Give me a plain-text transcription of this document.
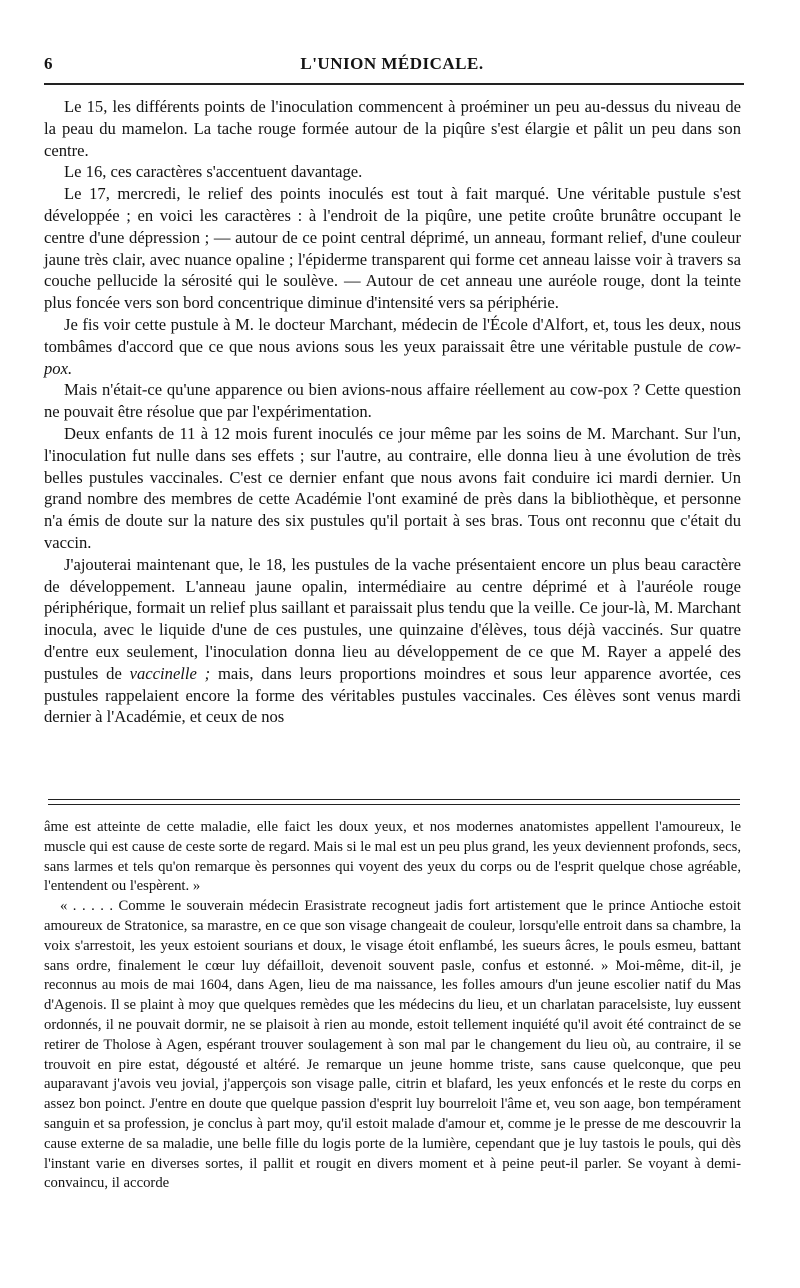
6	L'UNION MÉDICALE.

Le 15, les différents points de l'inoculation commencent à proéminer un peu au-dessus du niveau de la peau du mamelon. La tache rouge formée autour de la piqûre s'est élargie et pâlit un peu dans son centre.

Le 16, ces caractères s'accentuent davantage.

Le 17, mercredi, le relief des points inoculés est tout à fait marqué. Une véritable pustule s'est développée ; en voici les caractères : à l'endroit de la piqûre, une petite croûte brunâtre occupant le centre d'une dépression ; — autour de ce point central déprimé, un anneau, formant relief, d'une couleur jaune très clair, avec nuance opaline ; l'épiderme transparent qui forme cet anneau laisse voir à travers sa couche pellucide la sérosité qui le soulève. — Autour de cet anneau une auréole rouge, dont la teinte plus foncée vers son bord concentrique diminue d'intensité vers sa périphérie.

Je fis voir cette pustule à M. le docteur Marchant, médecin de l'École d'Alfort, et, tous les deux, nous tombâmes d'accord que ce que nous avions sous les yeux paraissait être une véritable pustule de cow-pox.

Mais n'était-ce qu'une apparence ou bien avions-nous affaire réellement au cow-pox ? Cette question ne pouvait être résolue que par l'expérimentation.

Deux enfants de 11 à 12 mois furent inoculés ce jour même par les soins de M. Marchant. Sur l'un, l'inoculation fut nulle dans ses effets ; sur l'autre, au contraire, elle donna lieu à une évolution de très belles pustules vaccinales. C'est ce dernier enfant que nous avons fait conduire ici mardi dernier. Un grand nombre des membres de cette Académie l'ont examiné de près dans la bibliothèque, et personne n'a émis de doute sur la nature des six pustules qu'il portait à ses bras. Tous ont reconnu que c'était du vaccin.

J'ajouterai maintenant que, le 18, les pustules de la vache présentaient encore un plus beau caractère de développement. L'anneau jaune opalin, intermédiaire au centre déprimé et à l'auréole rouge périphérique, formait un relief plus saillant et paraissait plus tendu que la veille. Ce jour-là, M. Marchant inocula, avec le liquide d'une de ces pustules, une quinzaine d'élèves, tous déjà vaccinés. Sur quatre d'entre eux seulement, l'inoculation donna lieu au développement de ce que M. Rayer a appelé des pustules de vaccinelle ; mais, dans leurs proportions moindres et sous leur apparence avortée, ces pustules rappelaient encore la forme des véritables pustules vaccinales. Ces élèves sont venus mardi dernier à l'Académie, et ceux de nos

âme est atteinte de cette maladie, elle faict les doux yeux, et nos modernes anatomistes appellent l'amoureux, le muscle qui est cause de ceste sorte de regard. Mais si le mal est un peu plus grand, les yeux deviennent profonds, secs, sans larmes et tels qu'on remarque ès personnes qui voyent des yeux du corps ou de l'esprit quelque chose agréable, l'entendent ou l'espèrent. »

« . . . . . Comme le souverain médecin Erasistrate recogneut jadis fort artistement que le prince Antioche estoit amoureux de Stratonice, sa marastre, en ce que son visage changeait de couleur, lorsqu'elle entroit dans sa chambre, la voix s'arrestoit, les yeux estoient sourians et doux, le visage étoit enflambé, les sueurs âcres, le pouls esmeu, battant sans ordre, finalement le cœur luy défailloit, devenoit souvent pasle, confus et estonné. » Moi-même, dit-il, je reconnus au mois de mai 1604, dans Agen, lieu de ma naissance, les folles amours d'un jeune escolier natif du Mas d'Agenois. Il se plaint à moy que quelques remèdes que les médecins du lieu, et un charlatan paracelsiste, luy eussent ordonnés, il ne pouvait dormir, ne se plaisoit à rien au monde, estoit tellement inquiété qu'il avoit été contrainct de se retirer de Tholose à Agen, espérant trouver soulagement à son mal par le changement du lieu où, au contraire, il se trouvoit en pire estat, dégousté et altéré. Je remarque un jeune homme triste, sans cause quelconque, que peu auparavant j'avois veu jovial, j'apperçois son visage palle, citrin et blafard, les yeux enfoncés et le reste du corps en assez bon poinct. J'entre en doute que quelque passion d'esprit luy bourreloit l'âme et, veu son aage, bon tempérament sanguin et sa profession, je conclus à part moy, qu'il estoit malade d'amour et, comme je le presse de me descouvrir la cause externe de sa maladie, une belle fille du logis porte de la lumière, cependant que je luy tastois le pouls, qui dès l'instant varie en diverses sortes, il pallit et rougit en divers moment et à peine peut-il parler. Se voyant à demi-convaincu, il accorde
